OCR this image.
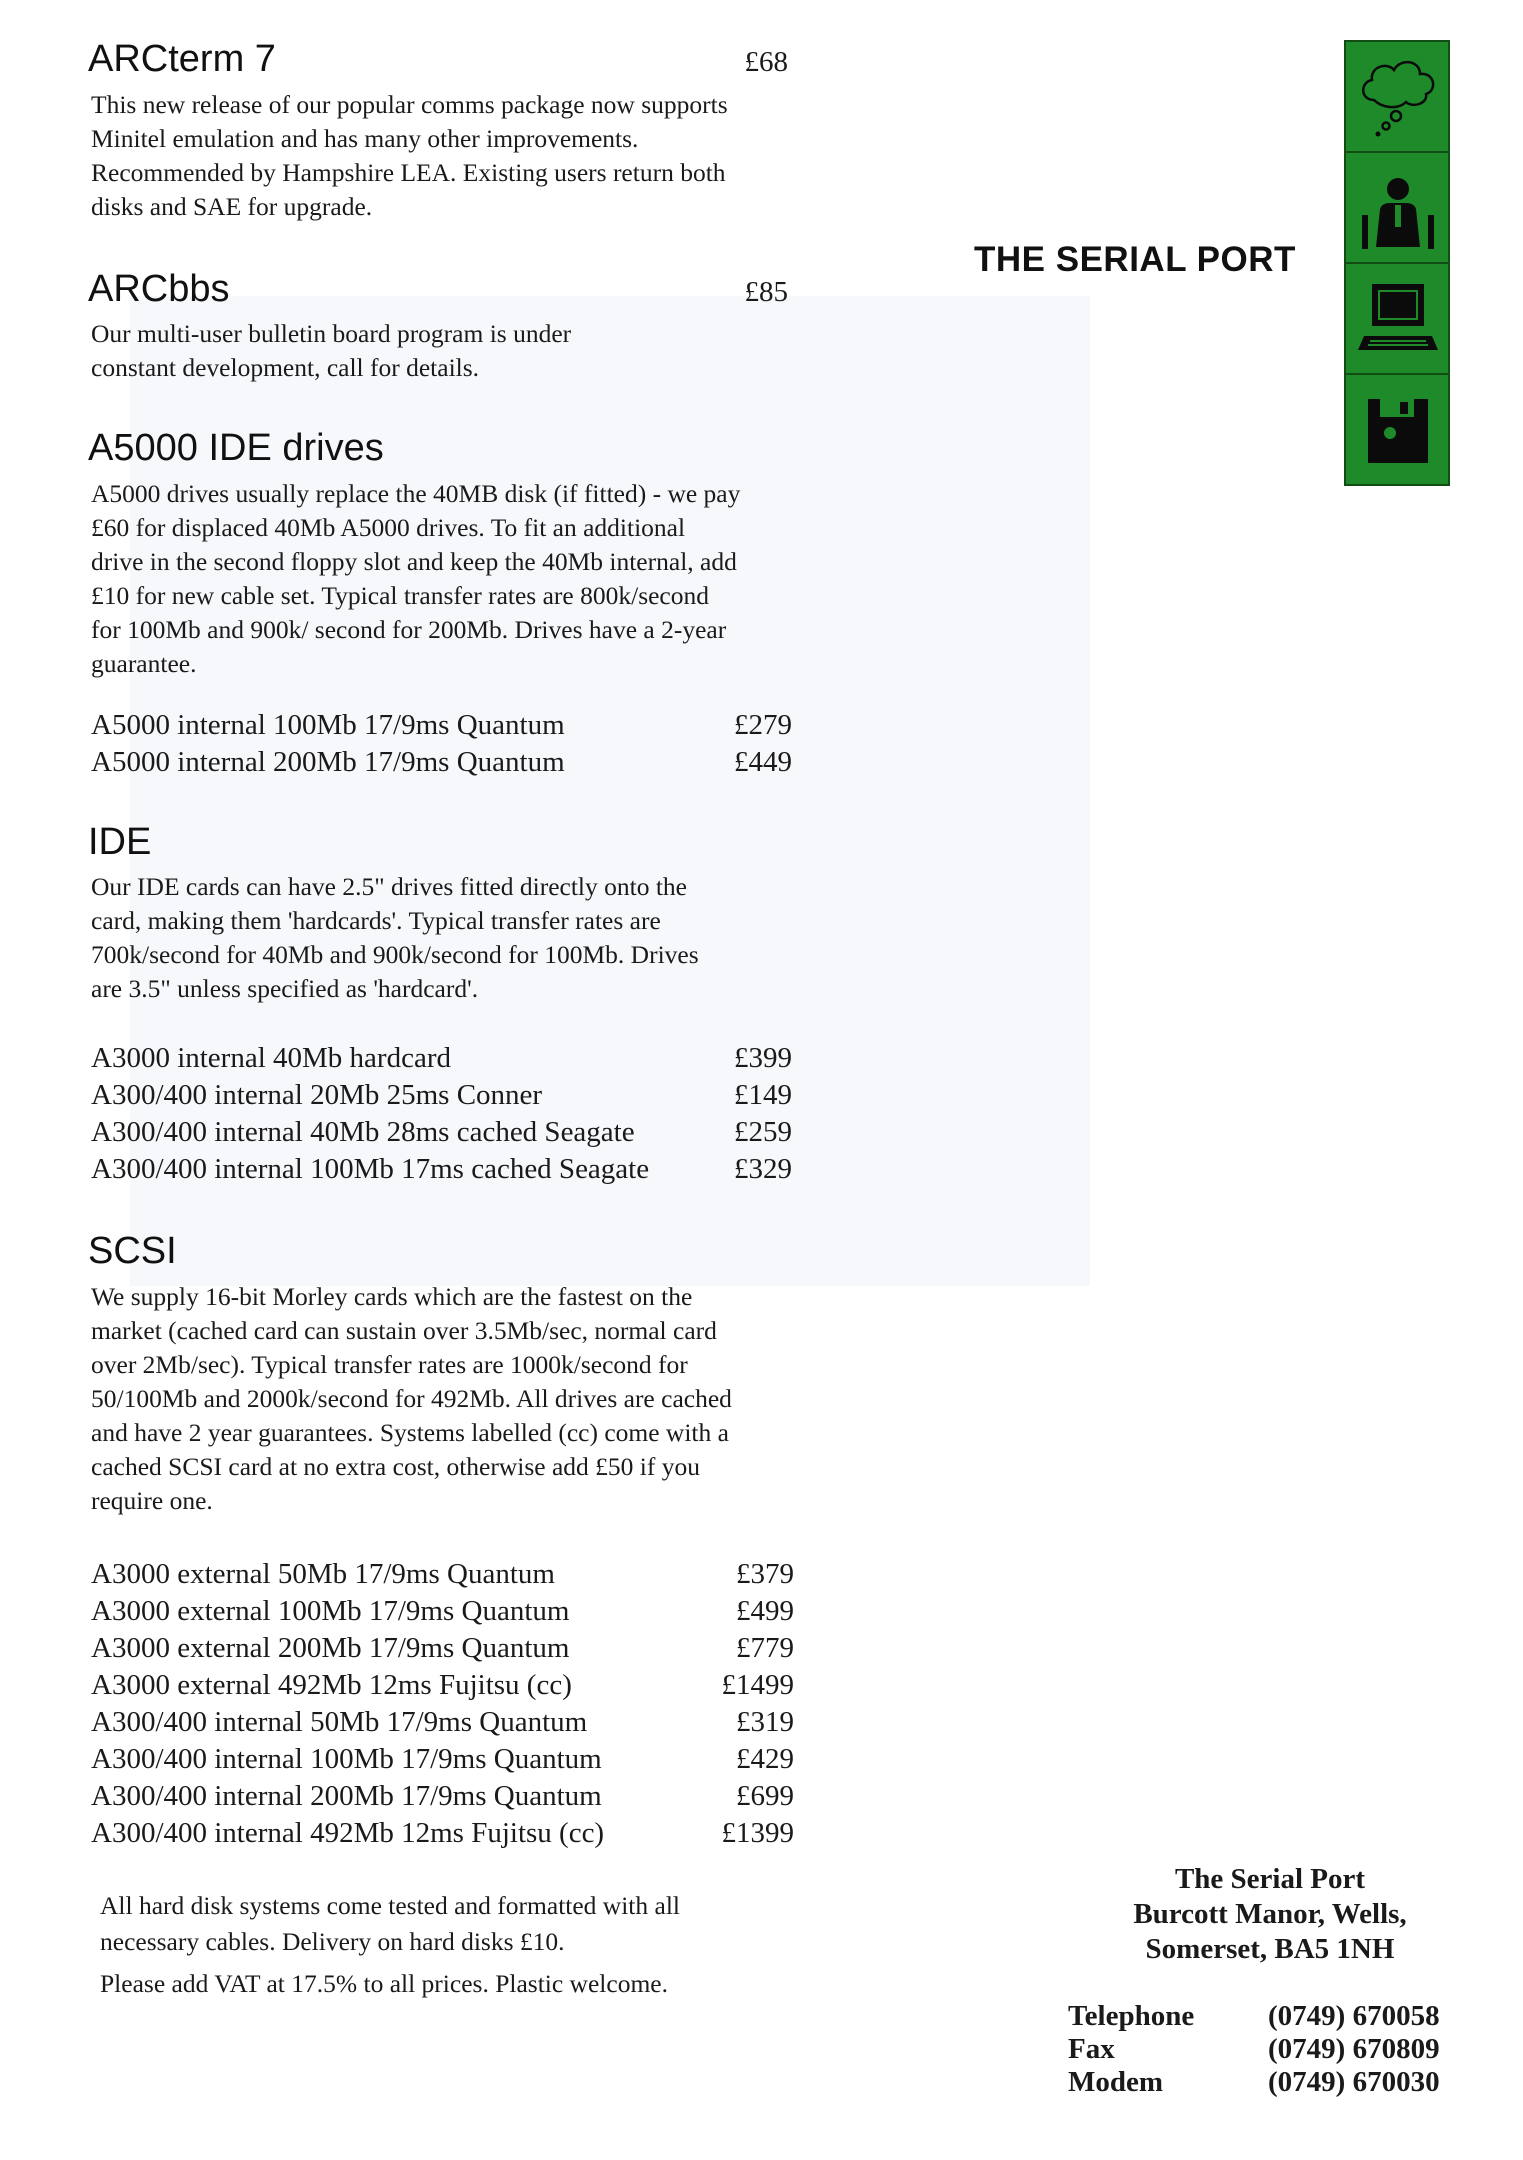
ARCterm 7	£68

This new release of our popular comms package now supports Minitel emulation and has many other improvements. Recommended by Hampshire LEA. Existing users return both disks and SAE for upgrade.

ARCbbs	£85

Our multi-user bulletin board program is under constant development, call for details.

A5000 IDE drives

A5000 drives usually replace the 40MB disk (if fitted) - we pay £60 for displaced 40Mb A5000 drives. To fit an additional drive in the second floppy slot and keep the 40Mb internal, add £10 for new cable set. Typical transfer rates are 800k/second for 100Mb and 900k/ second for 200Mb. Drives have a 2-year guarantee.

A5000 internal 100Mb 17/9ms Quantum	£279
A5000 internal 200Mb 17/9ms Quantum	£449
IDE

Our IDE cards can have 2.5" drives fitted directly onto the card, making them 'hardcards'. Typical transfer rates are 700k/second for 40Mb and 900k/second for 100Mb. Drives are 3.5" unless specified as 'hardcard'.

A3000 internal 40Mb hardcard	£399
A300/400 internal 20Mb 25ms Conner	£149
A300/400 internal 40Mb 28ms cached Seagate	£259
A300/400 internal 100Mb 17ms cached Seagate	£329
SCSI

We supply 16-bit Morley cards which are the fastest on the market (cached card can sustain over 3.5Mb/sec, normal card over 2Mb/sec). Typical transfer rates are 1000k/second for 50/100Mb and 2000k/second for 492Mb. All drives are cached and have 2 year guarantees. Systems labelled (cc) come with a cached SCSI card at no extra cost, otherwise add £50 if you require one.

A3000 external 50Mb 17/9ms Quantum	£379
A3000 external 100Mb 17/9ms Quantum	£499
A3000 external 200Mb 17/9ms Quantum	£779
A3000 external 492Mb 12ms Fujitsu (cc)	£1499
A300/400 internal 50Mb 17/9ms Quantum	£319
A300/400 internal 100Mb 17/9ms Quantum	£429
A300/400 internal 200Mb 17/9ms Quantum	£699
A300/400 internal 492Mb 12ms Fujitsu (cc)	£1399

All hard disk systems come tested and formatted with all necessary cables. Delivery on hard disks £10.

Please add VAT at 17.5% to all prices. Plastic welcome.

THE SERIAL PORT
The Serial Port
Burcott Manor, Wells,
Somerset, BA5 1NH
Telephone	(0749) 670058
Fax	(0749) 670809
Modem	(0749) 670030
